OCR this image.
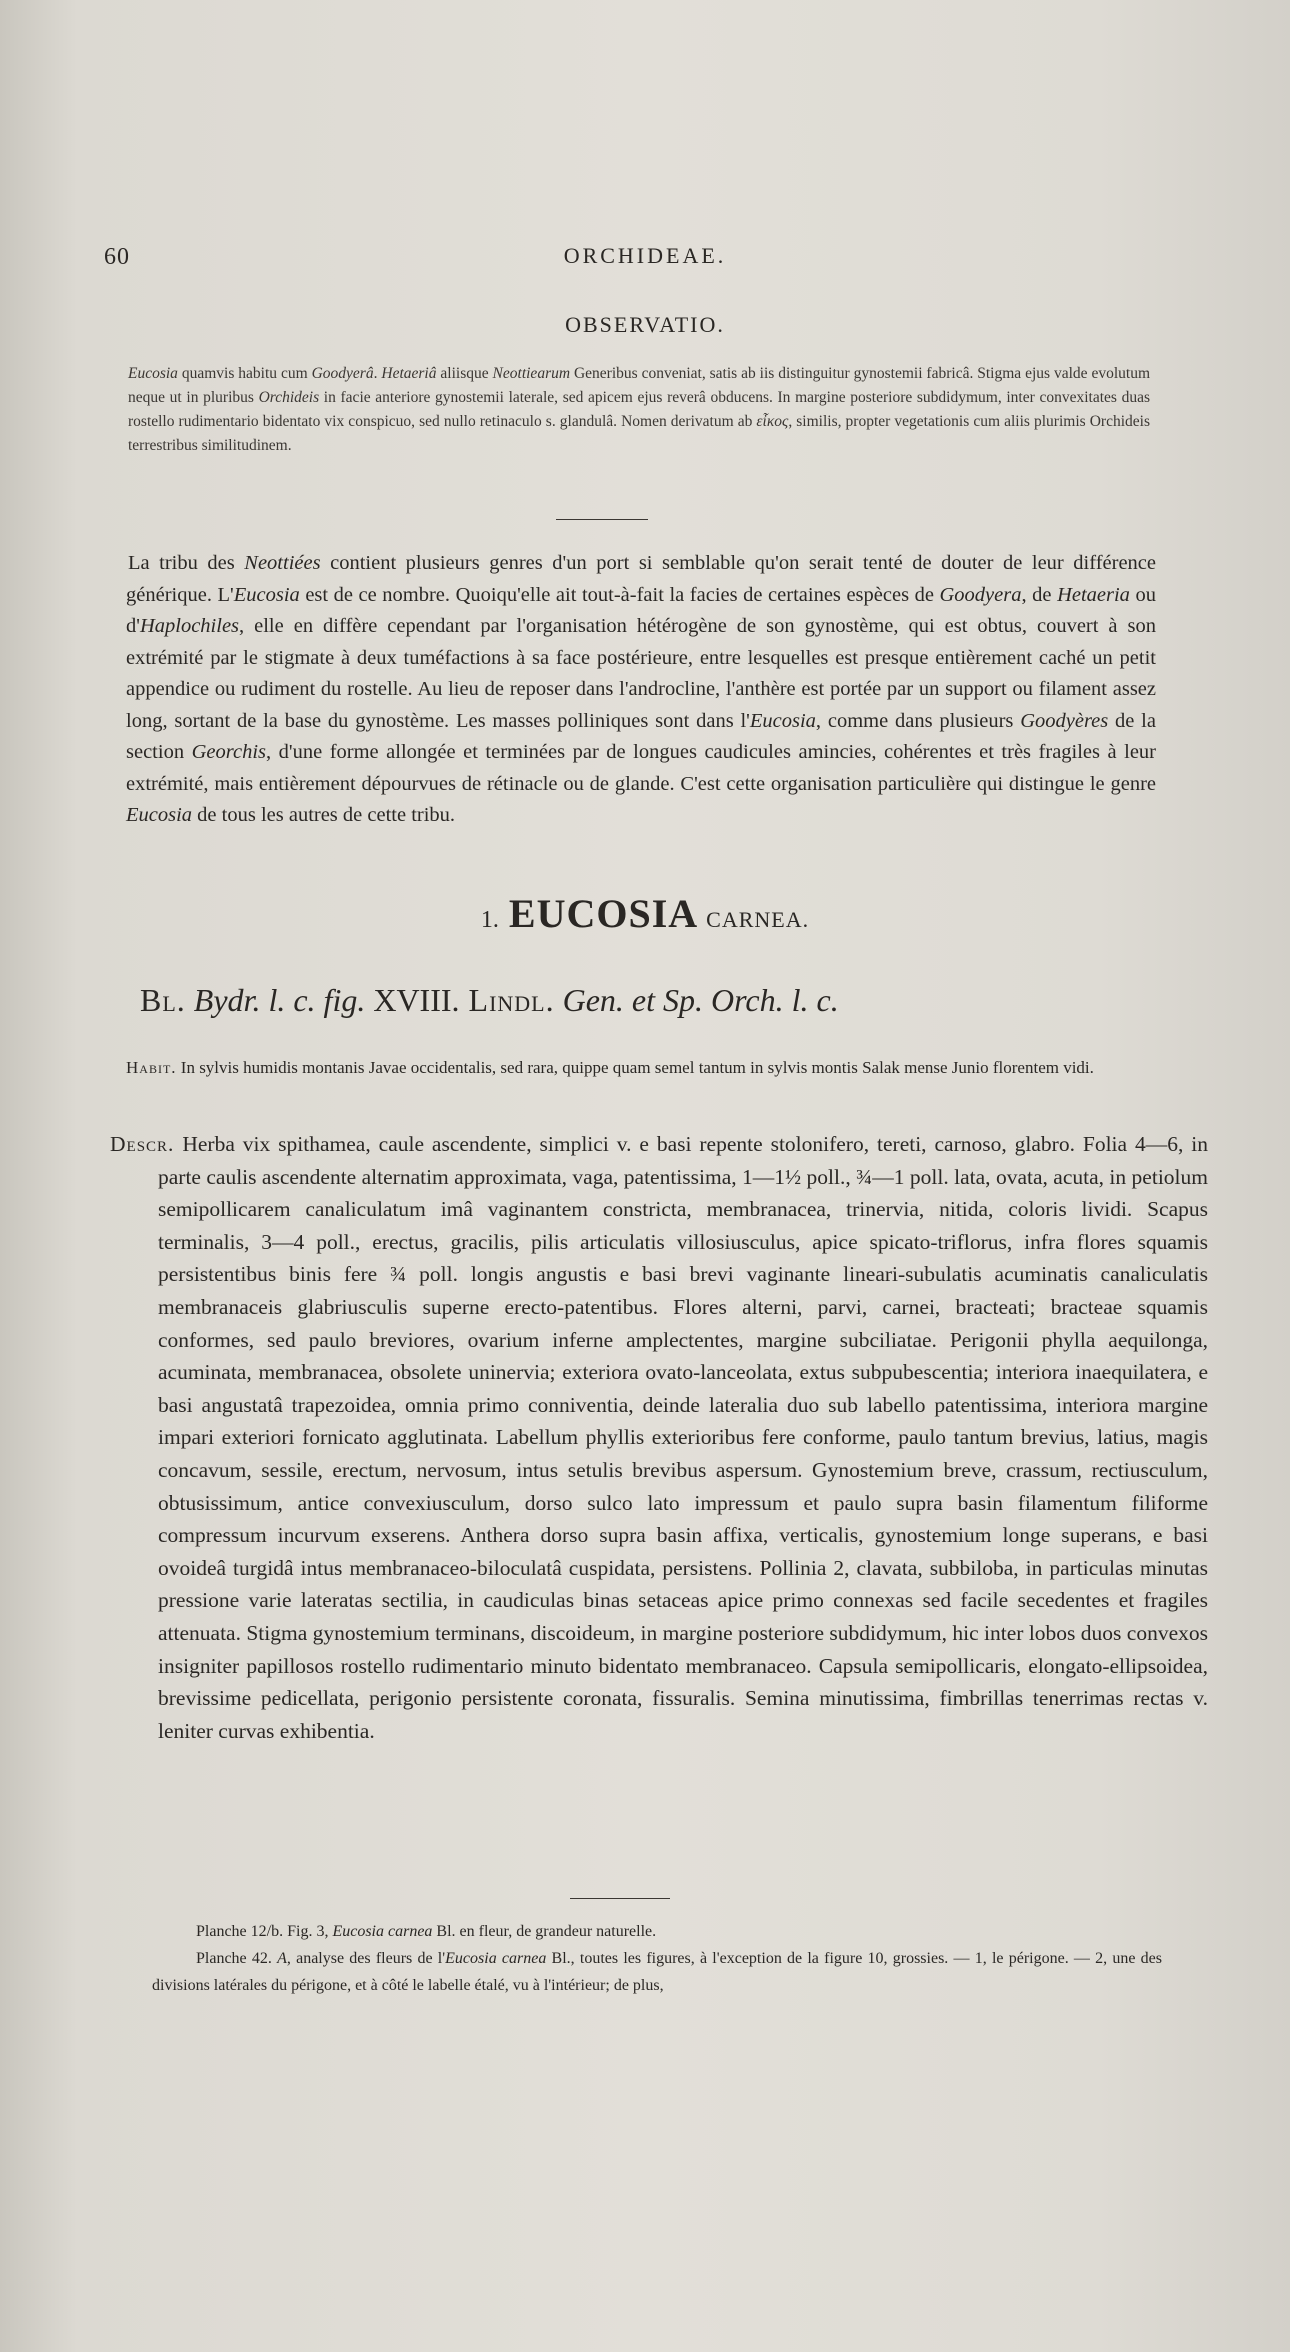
60	ORCHIDEAE.
OBSERVATIO.

Eucosia quamvis habitu cum Goodyerâ. Hetaeriâ aliisque Neottiearum Generibus conveniat, satis ab iis distinguitur gynostemii fabricâ. Stigma ejus valde evolutum neque ut in pluribus Orchideis in facie anteriore gynostemii laterale, sed apicem ejus reverâ obducens. In margine posteriore subdidymum, inter convexitates duas rostello rudimentario bidentato vix conspicuo, sed nullo retinaculo s. glandulâ. Nomen derivatum ab εἶκος, similis, propter vegetationis cum aliis plurimis Orchideis terrestribus similitudinem.

La tribu des Neottiées contient plusieurs genres d'un port si semblable qu'on serait tenté de douter de leur différence générique. L'Eucosia est de ce nombre. Quoiqu'elle ait tout-à-fait la facies de certaines espèces de Goodyera, de Hetaeria ou d'Haplochiles, elle en diffère cependant par l'organisation hétérogène de son gynostème, qui est obtus, couvert à son extrémité par le stigmate à deux tuméfactions à sa face postérieure, entre lesquelles est presque entièrement caché un petit appendice ou rudiment du rostelle. Au lieu de reposer dans l'androcline, l'anthère est portée par un support ou filament assez long, sortant de la base du gynostème. Les masses polliniques sont dans l'Eucosia, comme dans plusieurs Goodyères de la section Georchis, d'une forme allongée et terminées par de longues caudicules amincies, cohérentes et très fragiles à leur extrémité, mais entièrement dépourvues de rétinacle ou de glande. C'est cette organisation particulière qui distingue le genre Eucosia de tous les autres de cette tribu.

1. EUCOSIA CARNEA.
Bl. Bydr. l. c. fig. XVIII. Lindl. Gen. et Sp. Orch. l. c.

Habit. In sylvis humidis montanis Javae occidentalis, sed rara, quippe quam semel tantum in sylvis montis Salak mense Junio florentem vidi.

Descr. Herba vix spithamea, caule ascendente, simplici v. e basi repente stolonifero, tereti, carnoso, glabro. Folia 4—6, in parte caulis ascendente alternatim approximata, vaga, patentissima, 1—1½ poll., ¾—1 poll. lata, ovata, acuta, in petiolum semipollicarem canaliculatum imâ vaginantem constricta, membranacea, trinervia, nitida, coloris lividi. Scapus terminalis, 3—4 poll., erectus, gracilis, pilis articulatis villosiusculus, apice spicato-triflorus, infra flores squamis persistentibus binis fere ¾ poll. longis angustis e basi brevi vaginante lineari-subulatis acuminatis canaliculatis membranaceis glabriusculis superne erecto-patentibus. Flores alterni, parvi, carnei, bracteati; bracteae squamis conformes, sed paulo breviores, ovarium inferne amplectentes, margine subciliatae. Perigonii phylla aequilonga, acuminata, membranacea, obsolete uninervia; exteriora ovato-lanceolata, extus subpubescentia; interiora inaequilatera, e basi angustatâ trapezoidea, omnia primo conniventia, deinde lateralia duo sub labello patentissima, interiora margine impari exteriori fornicato agglutinata. Labellum phyllis exterioribus fere conforme, paulo tantum brevius, latius, magis concavum, sessile, erectum, nervosum, intus setulis brevibus aspersum. Gynostemium breve, crassum, rectiusculum, obtusissimum, antice convexiusculum, dorso sulco lato impressum et paulo supra basin filamentum filiforme compressum incurvum exserens. Anthera dorso supra basin affixa, verticalis, gynostemium longe superans, e basi ovoideâ turgidâ intus membranaceo-biloculatâ cuspidata, persistens. Pollinia 2, clavata, subbiloba, in particulas minutas pressione varie lateratas sectilia, in caudiculas binas setaceas apice primo connexas sed facile secedentes et fragiles attenuata. Stigma gynostemium terminans, discoideum, in margine posteriore subdidymum, hic inter lobos duos convexos insigniter papillosos rostello rudimentario minuto bidentato membranaceo. Capsula semipollicaris, elongato-ellipsoidea, brevissime pedicellata, perigonio persistente coronata, fissuralis. Semina minutissima, fimbrillas tenerrimas rectas v. leniter curvas exhibentia.

Planche 12/b. Fig. 3, Eucosia carnea Bl. en fleur, de grandeur naturelle.
Planche 42. A, analyse des fleurs de l'Eucosia carnea Bl., toutes les figures, à l'exception de la figure 10, grossies. — 1, le périgone. — 2, une des divisions latérales du périgone, et à côté le labelle étalé, vu à l'intérieur; de plus,
